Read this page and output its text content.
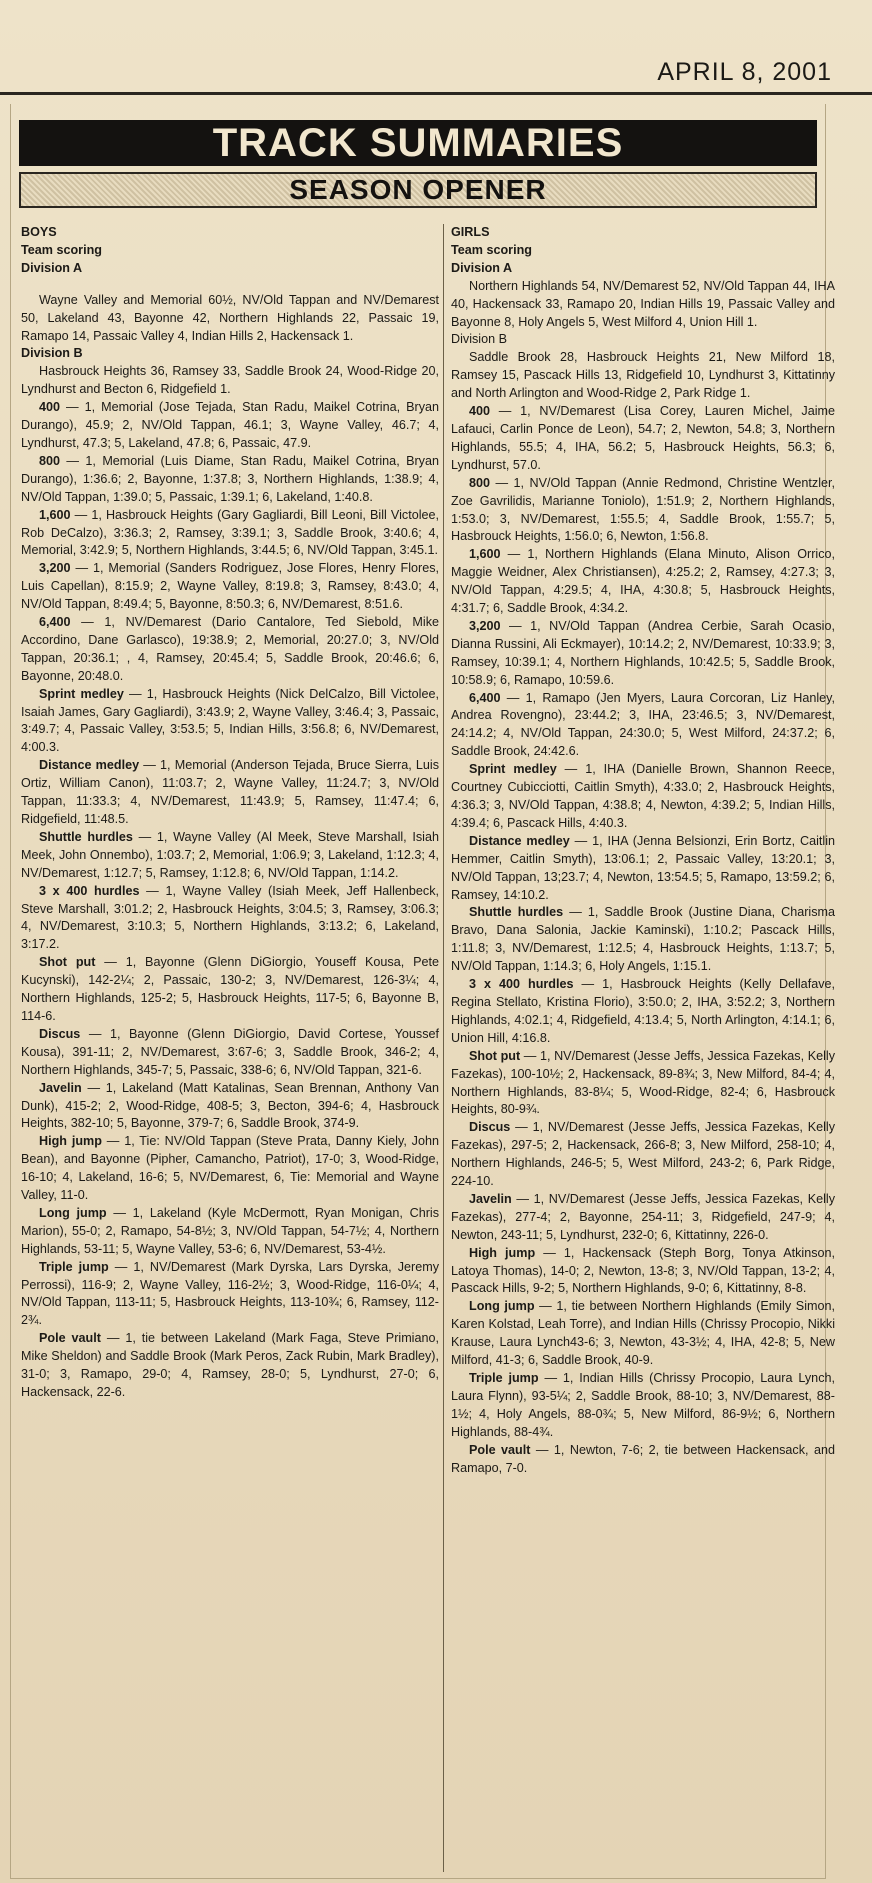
APRIL 8, 2001
TRACK SUMMARIES
SEASON OPENER
BOYS
Team scoring
Division A

Wayne Valley and Memorial 60½, NV/Old Tappan and NV/Demarest 50, Lakeland 43, Bayonne 42, Northern Highlands 22, Passaic 19, Ramapo 14, Passaic Valley 4, Indian Hills 2, Hackensack 1.

Division B

Hasbrouck Heights 36, Ramsey 33, Saddle Brook 24, Wood-Ridge 20, Lyndhurst and Becton 6, Ridgefield 1.

400 — 1, Memorial (Jose Tejada, Stan Radu, Maikel Cotrina, Bryan Durango), 45.9; 2, NV/Old Tappan, 46.1; 3, Wayne Valley, 46.7; 4, Lyndhurst, 47.3; 5, Lakeland, 47.8; 6, Passaic, 47.9.

800 — 1, Memorial (Luis Diame, Stan Radu, Maikel Cotrina, Bryan Durango), 1:36.6; 2, Bayonne, 1:37.8; 3, Northern Highlands, 1:38.9; 4, NV/Old Tappan, 1:39.0; 5, Passaic, 1:39.1; 6, Lakeland, 1:40.8.

1,600 — 1, Hasbrouck Heights (Gary Gagliardi, Bill Leoni, Bill Victolee, Rob DeCalzo), 3:36.3; 2, Ramsey, 3:39.1; 3, Saddle Brook, 3:40.6; 4, Memorial, 3:42.9; 5, Northern Highlands, 3:44.5; 6, NV/Old Tappan, 3:45.1.

3,200 — 1, Memorial (Sanders Rodriguez, Jose Flores, Henry Flores, Luis Capellan), 8:15.9; 2, Wayne Valley, 8:19.8; 3, Ramsey, 8:43.0; 4, NV/Old Tappan, 8:49.4; 5, Bayonne, 8:50.3; 6, NV/Demarest, 8:51.6.

6,400 — 1, NV/Demarest (Dario Cantalore, Ted Siebold, Mike Accordino, Dane Garlasco), 19:38.9; 2, Memorial, 20:27.0; 3, NV/Old Tappan, 20:36.1; , 4, Ramsey, 20:45.4; 5, Saddle Brook, 20:46.6; 6, Bayonne, 20:48.0.

Sprint medley — 1, Hasbrouck Heights (Nick DelCalzo, Bill Victolee, Isaiah James, Gary Gagliardi), 3:43.9; 2, Wayne Valley, 3:46.4; 3, Passaic, 3:49.7; 4, Passaic Valley, 3:53.5; 5, Indian Hills, 3:56.8; 6, NV/Demarest, 4:00.3.

Distance medley — 1, Memorial (Anderson Tejada, Bruce Sierra, Luis Ortiz, William Canon), 11:03.7; 2, Wayne Valley, 11:24.7; 3, NV/Old Tappan, 11:33.3; 4, NV/Demarest, 11:43.9; 5, Ramsey, 11:47.4; 6, Ridgefield, 11:48.5.

Shuttle hurdles — 1, Wayne Valley (Al Meek, Steve Marshall, Isiah Meek, John Onnembo), 1:03.7; 2, Memorial, 1:06.9; 3, Lakeland, 1:12.3; 4, NV/Demarest, 1:12.7; 5, Ramsey, 1:12.8; 6, NV/Old Tappan, 1:14.2.

3 x 400 hurdles — 1, Wayne Valley (Isiah Meek, Jeff Hallenbeck, Steve Marshall, 3:01.2; 2, Hasbrouck Heights, 3:04.5; 3, Ramsey, 3:06.3; 4, NV/Demarest, 3:10.3; 5, Northern Highlands, 3:13.2; 6, Lakeland, 3:17.2.

Shot put — 1, Bayonne (Glenn DiGiorgio, Youseff Kousa, Pete Kucynski), 142-2¼; 2, Passaic, 130-2; 3, NV/Demarest, 126-3¼; 4, Northern Highlands, 125-2; 5, Hasbrouck Heights, 117-5; 6, Bayonne B, 114-6.

Discus — 1, Bayonne (Glenn DiGiorgio, David Cortese, Youssef Kousa), 391-11; 2, NV/Demarest, 3:67-6; 3, Saddle Brook, 346-2; 4, Northern Highlands, 345-7; 5, Passaic, 338-6; 6, NV/Old Tappan, 321-6.

Javelin — 1, Lakeland (Matt Katalinas, Sean Brennan, Anthony Van Dunk), 415-2; 2, Wood-Ridge, 408-5; 3, Becton, 394-6; 4, Hasbrouck Heights, 382-10; 5, Bayonne, 379-7; 6, Saddle Brook, 374-9.

High jump — 1, Tie: NV/Old Tappan (Steve Prata, Danny Kiely, John Bean), and Bayonne (Pipher, Camancho, Patriot), 17-0; 3, Wood-Ridge, 16-10; 4, Lakeland, 16-6; 5, NV/Demarest, 6, Tie: Memorial and Wayne Valley, 11-0.

Long jump — 1, Lakeland (Kyle McDermott, Ryan Monigan, Chris Marion), 55-0; 2, Ramapo, 54-8½; 3, NV/Old Tappan, 54-7½; 4, Northern Highlands, 53-11; 5, Wayne Valley, 53-6; 6, NV/Demarest, 53-4½.

Triple jump — 1, NV/Demarest (Mark Dyrska, Lars Dyrska, Jeremy Perrossi), 116-9; 2, Wayne Valley, 116-2½; 3, Wood-Ridge, 116-0¼; 4, NV/Old Tappan, 113-11; 5, Hasbrouck Heights, 113-10¾; 6, Ramsey, 112-2¾.

Pole vault — 1, tie between Lakeland (Mark Faga, Steve Primiano, Mike Sheldon) and Saddle Brook (Mark Peros, Zack Rubin, Mark Bradley), 31-0; 3, Ramapo, 29-0; 4, Ramsey, 28-0; 5, Lyndhurst, 27-0; 6, Hackensack, 22-6.

GIRLS
Team scoring
Division A

Northern Highlands 54, NV/Demarest 52, NV/Old Tappan 44, IHA 40, Hackensack 33, Ramapo 20, Indian Hills 19, Passaic Valley and Bayonne 8, Holy Angels 5, West Milford 4, Union Hill 1.

Division B

Saddle Brook 28, Hasbrouck Heights 21, New Milford 18, Ramsey 15, Pascack Hills 13, Ridgefield 10, Lyndhurst 3, Kittatinny and North Arlington and Wood-Ridge 2, Park Ridge 1.

400 — 1, NV/Demarest (Lisa Corey, Lauren Michel, Jaime Lafauci, Carlin Ponce de Leon), 54.7; 2, Newton, 54.8; 3, Northern Highlands, 55.5; 4, IHA, 56.2; 5, Hasbrouck Heights, 56.3; 6, Lyndhurst, 57.0.

800 — 1, NV/Old Tappan (Annie Redmond, Christine Wentzler, Zoe Gavrilidis, Marianne Toniolo), 1:51.9; 2, Northern Highlands, 1:53.0; 3, NV/Demarest, 1:55.5; 4, Saddle Brook, 1:55.7; 5, Hasbrouck Heights, 1:56.0; 6, Newton, 1:56.8.

1,600 — 1, Northern Highlands (Elana Minuto, Alison Orrico, Maggie Weidner, Alex Christiansen), 4:25.2; 2, Ramsey, 4:27.3; 3, NV/Old Tappan, 4:29.5; 4, IHA, 4:30.8; 5, Hasbrouck Heights, 4:31.7; 6, Saddle Brook, 4:34.2.

3,200 — 1, NV/Old Tappan (Andrea Cerbie, Sarah Ocasio, Dianna Russini, Ali Eckmayer), 10:14.2; 2, NV/Demarest, 10:33.9; 3, Ramsey, 10:39.1; 4, Northern Highlands, 10:42.5; 5, Saddle Brook, 10:58.9; 6, Ramapo, 10:59.6.

6,400 — 1, Ramapo (Jen Myers, Laura Corcoran, Liz Hanley, Andrea Rovengno), 23:44.2; 3, IHA, 23:46.5; 3, NV/Demarest, 24:14.2; 4, NV/Old Tappan, 24:30.0; 5, West Milford, 24:37.2; 6, Saddle Brook, 24:42.6.

Sprint medley — 1, IHA (Danielle Brown, Shannon Reece, Courtney Cubicciotti, Caitlin Smyth), 4:33.0; 2, Hasbrouck Heights, 4:36.3; 3, NV/Old Tappan, 4:38.8; 4, Newton, 4:39.2; 5, Indian Hills, 4:39.4; 6, Pascack Hills, 4:40.3.

Distance medley — 1, IHA (Jenna Belsionzi, Erin Bortz, Caitlin Hemmer, Caitlin Smyth), 13:06.1; 2, Passaic Valley, 13:20.1; 3, NV/Old Tappan, 13;23.7; 4, Newton, 13:54.5; 5, Ramapo, 13:59.2; 6, Ramsey, 14:10.2.

Shuttle hurdles — 1, Saddle Brook (Justine Diana, Charisma Bravo, Dana Salonia, Jackie Kaminski), 1:10.2; Pascack Hills, 1:11.8; 3, NV/Demarest, 1:12.5; 4, Hasbrouck Heights, 1:13.7; 5, NV/Old Tappan, 1:14.3; 6, Holy Angels, 1:15.1.

3 x 400 hurdles — 1, Hasbrouck Heights (Kelly Dellafave, Regina Stellato, Kristina Florio), 3:50.0; 2, IHA, 3:52.2; 3, Northern Highlands, 4:02.1; 4, Ridgefield, 4:13.4; 5, North Arlington, 4:14.1; 6, Union Hill, 4:16.8.

Shot put — 1, NV/Demarest (Jesse Jeffs, Jessica Fazekas, Kelly Fazekas), 100-10½; 2, Hackensack, 89-8¾; 3, New Milford, 84-4; 4, Northern Highlands, 83-8¼; 5, Wood-Ridge, 82-4; 6, Hasbrouck Heights, 80-9¾.

Discus — 1, NV/Demarest (Jesse Jeffs, Jessica Fazekas, Kelly Fazekas), 297-5; 2, Hackensack, 266-8; 3, New Milford, 258-10; 4, Northern Highlands, 246-5; 5, West Milford, 243-2; 6, Park Ridge, 224-10.

Javelin — 1, NV/Demarest (Jesse Jeffs, Jessica Fazekas, Kelly Fazekas), 277-4; 2, Bayonne, 254-11; 3, Ridgefield, 247-9; 4, Newton, 243-11; 5, Lyndhurst, 232-0; 6, Kittatinny, 226-0.

High jump — 1, Hackensack (Steph Borg, Tonya Atkinson, Latoya Thomas), 14-0; 2, Newton, 13-8; 3, NV/Old Tappan, 13-2; 4, Pascack Hills, 9-2; 5, Northern Highlands, 9-0; 6, Kittatinny, 8-8.

Long jump — 1, tie between Northern Highlands (Emily Simon, Karen Kolstad, Leah Torre), and Indian Hills (Chrissy Procopio, Nikki Krause, Laura Lynch43-6; 3, Newton, 43-3½; 4, IHA, 42-8; 5, New Milford, 41-3; 6, Saddle Brook, 40-9.

Triple jump — 1, Indian Hills (Chrissy Procopio, Laura Lynch, Laura Flynn), 93-5¼; 2, Saddle Brook, 88-10; 3, NV/Demarest, 88-1½; 4, Holy Angels, 88-0¾; 5, New Milford, 86-9½; 6, Northern Highlands, 88-4¾.

Pole vault — 1, Newton, 7-6; 2, tie between Hackensack, and Ramapo, 7-0.
